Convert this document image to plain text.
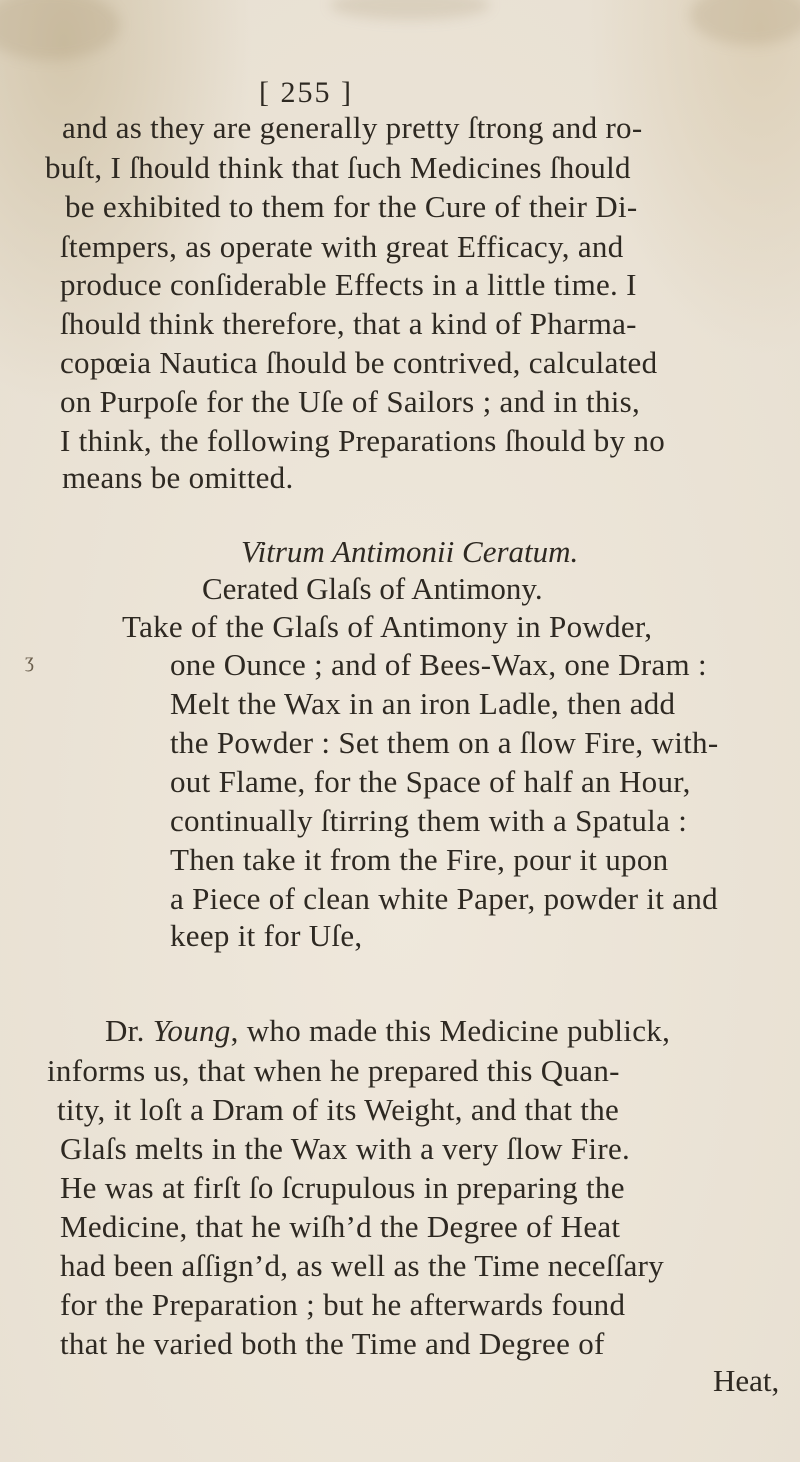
[ 255 ]

and as they are generally pretty ſtrong and ro-

buſt, I ſhould think that ſuch Medicines ſhould

be exhibited to them for the Cure of their Di-

ſtempers, as operate with great Efficacy, and

produce conſiderable Effects in a little time. I

ſhould think therefore, that a kind of Pharma-

copœia Nautica ſhould be contrived, calculated

on Purpoſe for the Uſe of Sailors ; and in this,

I think, the following Preparations ſhould by no

means be omitted.

Vitrum Antimonii Ceratum.
Cerated Glaſs of Antimony.
ʒ

Take of the Glaſs of Antimony in Powder,

one Ounce ; and of Bees-Wax, one Dram :

Melt the Wax in an iron Ladle, then add

the Powder : Set them on a ſlow Fire, with-

out Flame, for the Space of half an Hour,

continually ſtirring them with a Spatula :

Then take it from the Fire, pour it upon

a Piece of clean white Paper, powder it and

keep it for Uſe,

Dr. Young, who made this Medicine publick,

informs us, that when he prepared this Quan-

tity, it loſt a Dram of its Weight, and that the

Glaſs melts in the Wax with a very ſlow Fire.

He was at firſt ſo ſcrupulous in preparing the

Medicine, that he wiſh’d the Degree of Heat

had been aſſign’d, as well as the Time neceſſary

for the Preparation ; but he afterwards found

that he varied both the Time and Degree of

Heat,
